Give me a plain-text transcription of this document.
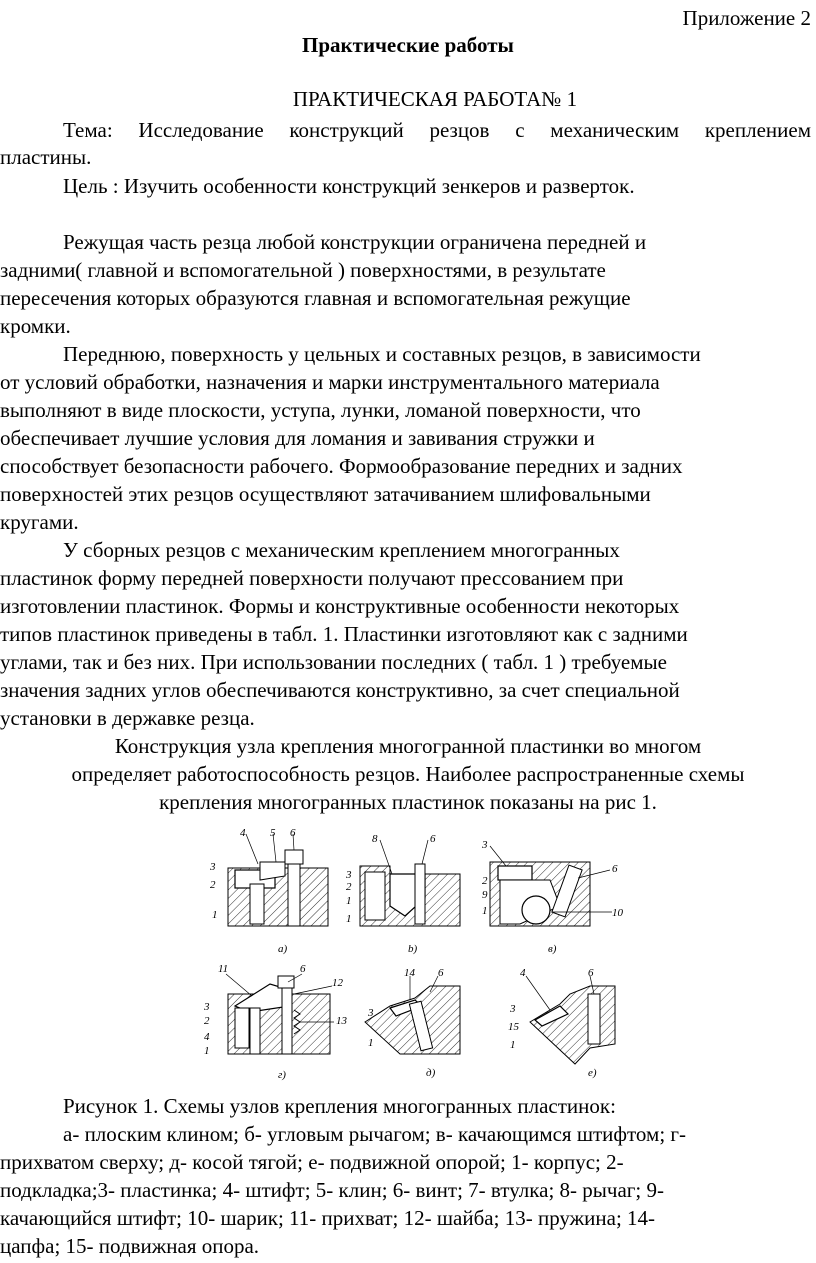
Приложение 2
Практические работы
ПРАКТИЧЕСКАЯ РАБОТА№ 1
Тема: Исследование конструкций резцов с механическим креплением
пластины.
Цель : Изучить особенности конструкций зенкеров и разверток.
Режущая часть резца любой конструкции ограничена передней и
задними( главной и вспомогательной ) поверхностями, в результате
пересечения которых образуются главная и вспомогательная режущие
кромки.
Переднюю, поверхность у цельных и составных резцов, в зависимости
от условий обработки, назначения и марки инструментального материала
выполняют в виде плоскости, уступа, лунки, ломаной поверхности, что
обеспечивает лучшие условия для ломания и завивания стружки и
способствует безопасности рабочего. Формообразование передних и задних
поверхностей этих резцов осуществляют затачиванием шлифовальными
кругами.
У сборных резцов с механическим креплением многогранных
пластинок форму передней поверхности получают прессованием при
изготовлении пластинок. Формы и конструктивные особенности некоторых
типов пластинок приведены в табл. 1. Пластинки изготовляют как с задними
углами, так и без них. При использовании последних ( табл. 1 ) требуемые
значения задних углов обеспечиваются конструктивно, за счет специальной
установки в державке резца.
Конструкция узла крепления многогранной пластинки во многом
определяет работоспособность резцов. Наиболее распространенные схемы
крепления многогранных пластинок показаны на рис 1.
4 5 6
3
2
1
а)
8	6
3
2
1
1
b)
3
6
2
9
1	10
в)
11	6
12
3
2	13
4
1
г)
14 6
3
1
д)
4	6
3
15
1
е)
Рисунок 1. Схемы узлов крепления многогранных пластинок:
а- плоским клином; б- угловым рычагом; в- качающимся штифтом; г-
прихватом сверху; д- косой тягой; е- подвижной опорой; 1- корпус; 2-
подкладка;3- пластинка; 4- штифт; 5- клин; 6- винт; 7- втулка; 8- рычаг; 9-
качающийся штифт; 10- шарик; 11- прихват; 12- шайба; 13- пружина; 14-
цапфа; 15- подвижная опора.
